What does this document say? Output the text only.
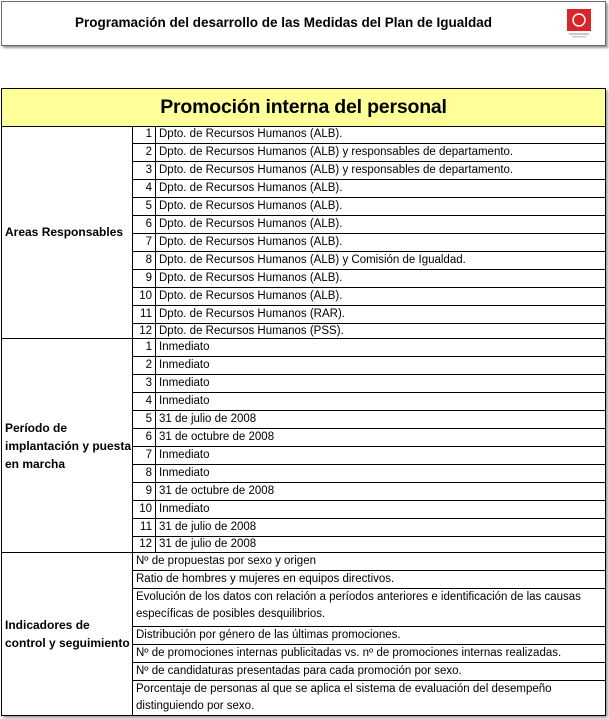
Programación del desarrollo de las Medidas del Plan de Igualdad
Promoción interna del personal
Areas Responsables
1 Dpto. de Recursos Humanos (ALB).
2 Dpto. de Recursos Humanos (ALB) y responsables de departamento.
3 Dpto. de Recursos Humanos (ALB) y responsables de departamento.
4 Dpto. de Recursos Humanos (ALB).
5 Dpto. de Recursos Humanos (ALB).
6 Dpto. de Recursos Humanos (ALB).
7 Dpto. de Recursos Humanos (ALB).
8 Dpto. de Recursos Humanos (ALB) y Comisión de Igualdad.
9 Dpto. de Recursos Humanos (ALB).
10 Dpto. de Recursos Humanos (ALB).
11 Dpto. de Recursos Humanos (RAR).
12 Dpto. de Recursos Humanos (PSS).
Período de implantación y puesta en marcha
1 Inmediato
2 Inmediato
3 Inmediato
4 Inmediato
5 31 de julio de 2008
6 31 de octubre de 2008
7 Inmediato
8 Inmediato
9 31 de octubre de 2008
10 Inmediato
11 31 de julio de 2008
12 31 de julio de 2008
Indicadores de control y seguimiento
Nº de propuestas por sexo y origen
Ratio de hombres y mujeres en equipos directivos.
Evolución de los datos con relación a períodos anteriores e identificación de las causas específicas de posibles desquilibrios.
Distribución por género de las últimas promociones.
Nº de promociones internas publicitadas vs. nº de promociones internas realizadas.
Nº de candidaturas presentadas para cada promoción por sexo.
Porcentaje de personas al que se aplica el sistema de evaluación del desempeño distinguiendo por sexo.
